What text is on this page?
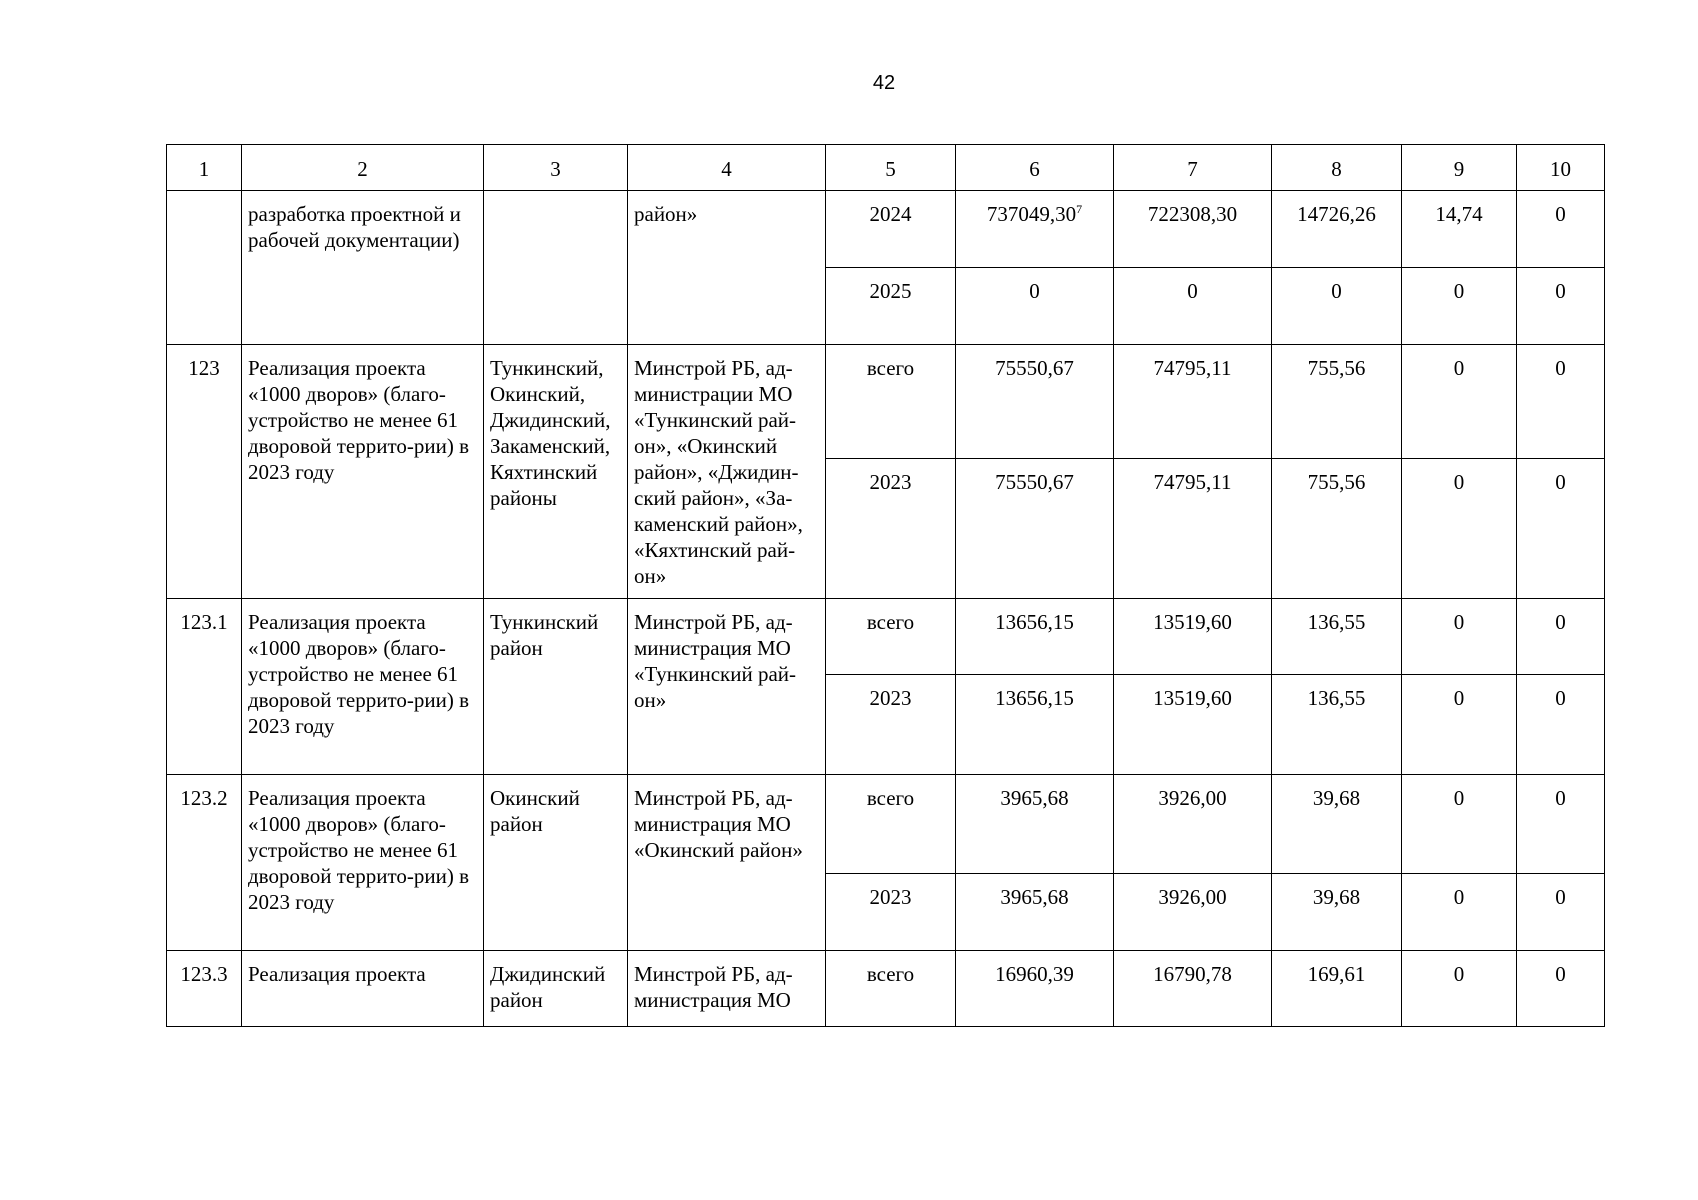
42
1	2	3	4	5	6	7	8	9	10
	разработка проектной и рабочей документации)		район»	2024	737049,30$^7$	722308,30	14726,26	14,74	0
				2025	0	0	0	0	0
123	Реализация проекта «1000 дворов» (благо-устройство не менее 61 дворовой террито-рии) в 2023 году	Тункинский, Окинский, Джидинский, Закаменский, Кяхтинский районы	Минстрой РБ, ад-министрации МО «Тункинский рай-он», «Окинский район», «Джидин-ский район», «За-каменский район», «Кяхтинский рай-он»	всего	75550,67	74795,11	755,56	0	0
				2023	75550,67	74795,11	755,56	0	0
123.1	Реализация проекта «1000 дворов» (благо-устройство не менее 61 дворовой террито-рии) в 2023 году	Тункинский район	Минстрой РБ, ад-министрация МО «Тункинский рай-он»	всего	13656,15	13519,60	136,55	0	0
				2023	13656,15	13519,60	136,55	0	0
123.2	Реализация проекта «1000 дворов» (благо-устройство не менее 61 дворовой террито-рии) в 2023 году	Окинский район	Минстрой РБ, ад-министрация МО «Окинский район»	всего	3965,68	3926,00	39,68	0	0
				2023	3965,68	3926,00	39,68	0	0
123.3	Реализация проекта	Джидинский район	Минстрой РБ, ад-министрация МО	всего	16960,39	16790,78	169,61	0	0
